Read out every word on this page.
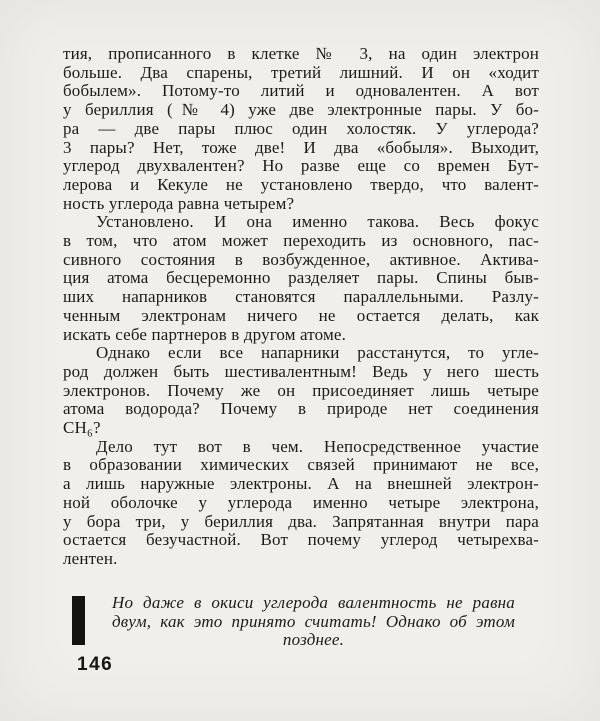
тия, прописанного в клетке № 3, на один электрон
больше. Два спарены, третий лишний. И он «ходит
бобылем». Потому-то литий и одновалентен. А вот
у бериллия (№ 4) уже две электронные пары. У бо-
ра — две пары плюс один холостяк. У углерода?
3 пары? Нет, тоже две! И два «бобыля». Выходит,
углерод двухвалентен? Но разве еще со времен Бут-
лерова и Кекуле не установлено твердо, что валент-
ность углерода равна четырем?
Установлено. И она именно такова. Весь фокус
в том, что атом может переходить из основного, пас-
сивного состояния в возбужденное, активное. Актива-
ция атома бесцеремонно разделяет пары. Спины быв-
ших напарников становятся параллельными. Разлу-
ченным электронам ничего не остается делать, как
искать себе партнеров в другом атоме.
Однако если все напарники расстанутся, то угле-
род должен быть шестивалентным! Ведь у него шесть
электронов. Почему же он присоединяет лишь четыре
атома водорода? Почему в природе нет соединения
CH₆?
Дело тут вот в чем. Непосредственное участие
в образовании химических связей принимают не все,
а лишь наружные электроны. А на внешней электрон-
ной оболочке у углерода именно четыре электрона,
у бора три, у бериллия два. Запрятанная внутри пара
остается безучастной. Вот почему углерод четырехва-
лентен.
Но даже в окиси углерода валентность не равна
двум, как это принято считать! Однако об этом
позднее.
146
